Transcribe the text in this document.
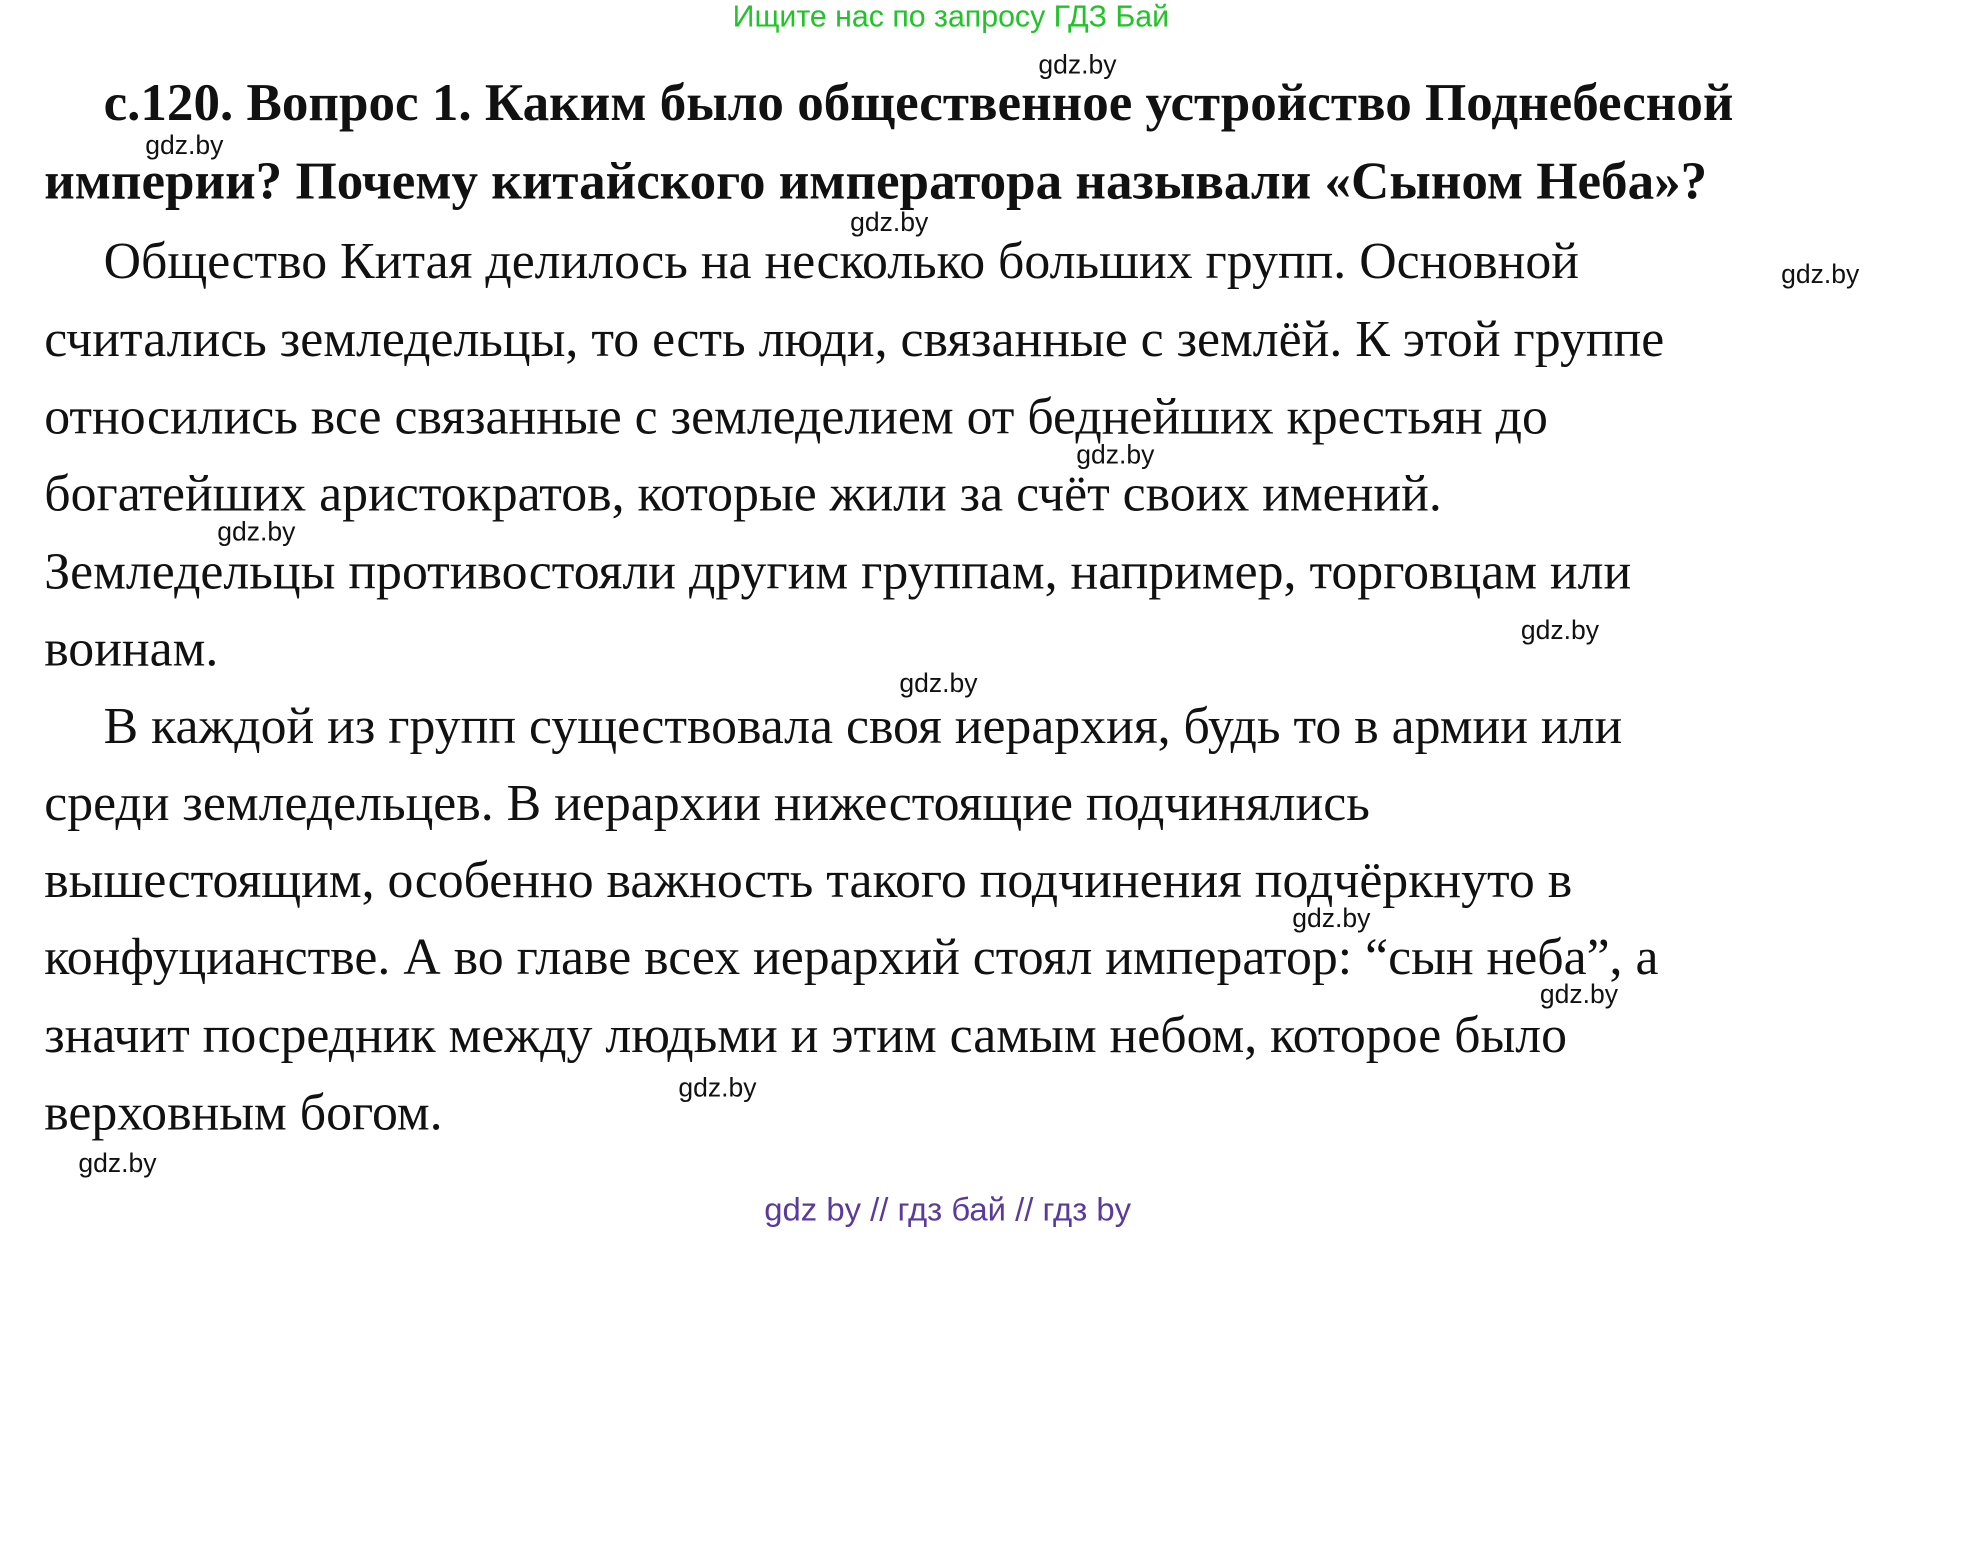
Ищите нас по запросу ГДЗ Бай
с.120. Вопрос 1. Каким было общественное устройство Поднебесной
империи? Почему китайского императора называли «Сыном Неба»?
Общество Китая делилось на несколько больших групп. Основной
считались земледельцы, то есть люди, связанные с землёй. К этой группе
относились все связанные с земледелием от беднейших крестьян до
богатейших аристократов, которые жили за счёт своих имений.
Земледельцы противостояли другим группам, например, торговцам или
воинам.
В каждой из групп существовала своя иерархия, будь то в армии или
среди земледельцев. В иерархии нижестоящие подчинялись
вышестоящим, особенно важность такого подчинения подчёркнуто в
конфуцианстве. А во главе всех иерархий стоял император: “сын неба”, а
значит посредник между людьми и этим самым небом, которое было
верховным богом.
gdz.by
gdz.by
gdz.by
gdz.by
gdz.by
gdz.by
gdz.by
gdz.by
gdz.by
gdz.by
gdz.by
gdz.by
gdz by // гдз бай // гдз by
